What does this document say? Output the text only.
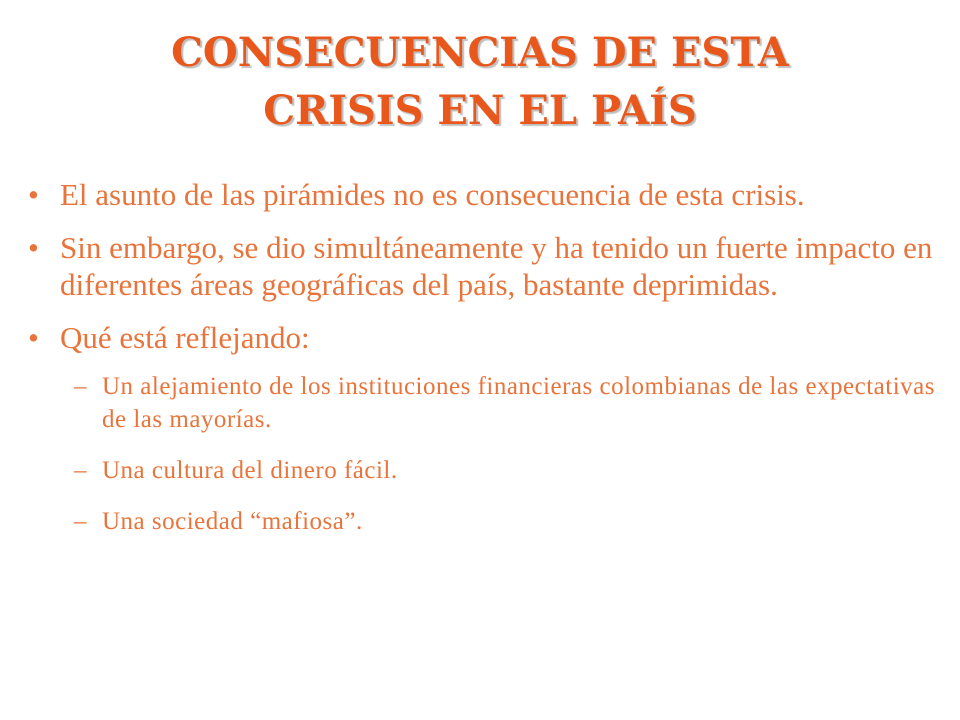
CONSECUENCIAS DE ESTA
CRISIS EN EL PAÍS
• El asunto de las pirámides no es consecuencia de esta crisis.
• Sin embargo, se dio simultáneamente y ha tenido un fuerte impacto en diferentes áreas geográficas del país, bastante deprimidas.
• Qué está reflejando:
– Un alejamiento de los instituciones financieras colombianas de las expectativas de las mayorías.
– Una cultura del dinero fácil.
– Una sociedad “mafiosa”.
